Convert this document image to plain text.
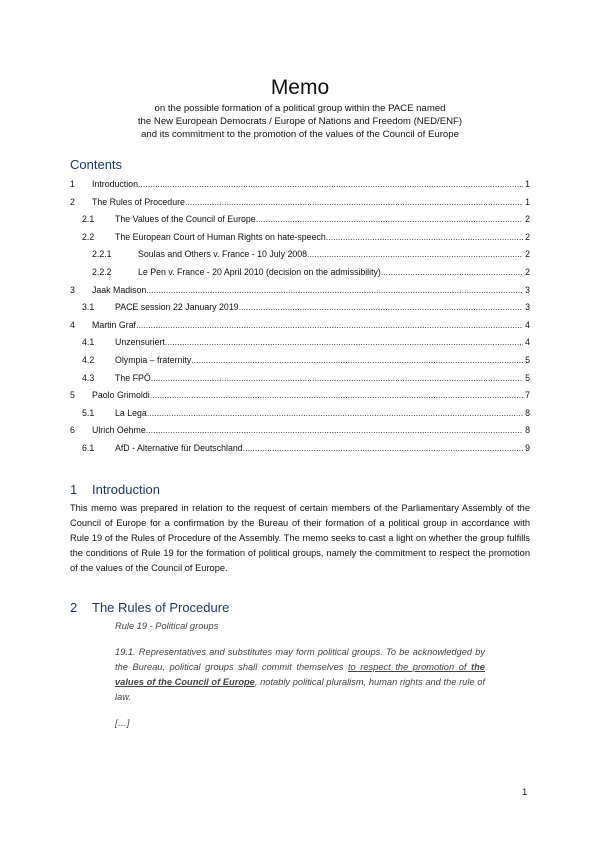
Memo
on the possible formation of a political group within the PACE named
the New European Democrats / Europe of Nations and Freedom (NED/ENF)
and its commitment to the promotion of the values of the Council of Europe
Contents
1	Introduction .....	1
2	The Rules of Procedure .....	1
2.1	The Values of the Council of Europe .....	2
2.2	The European Court of Human Rights on hate-speech .....	2
2.2.1	Soulas and Others v. France - 10 July 2008 .....	2
2.2.2	Le Pen v. France - 20 April 2010 (decision on the admissibility) .....	2
3	Jaak Madison .....	3
3.1	PACE session 22 January 2019 .....	3
4	Martin Graf .....	4
4.1	Unzensuriert .....	4
4.2	Olympia – fraternity .....	5
4.3	The FPÖ .....	5
5	Paolo Grimoldi .....	7
5.1	La Lega .....	8
6	Ulrich Oehme .....	8
6.1	AfD - Alternative für Deutschland .....	9
1	Introduction
This memo was prepared in relation to the request of certain members of the Parliamentary Assembly of the Council of Europe for a confirmation by the Bureau of their formation of a political group in accordance with Rule 19 of the Rules of Procedure of the Assembly. The memo seeks to cast a light on whether the group fulfills the conditions of Rule 19 for the formation of political groups, namely the commitment to respect the promotion of the values of the Council of Europe.
2	The Rules of Procedure

Rule 19 - Political groups

19.1. Representatives and substitutes may form political groups. To be acknowledged by the Bureau, political groups shall commit themselves to respect the promotion of the values of the Council of Europe, notably political pluralism, human rights and the rule of law.

[…]

1
